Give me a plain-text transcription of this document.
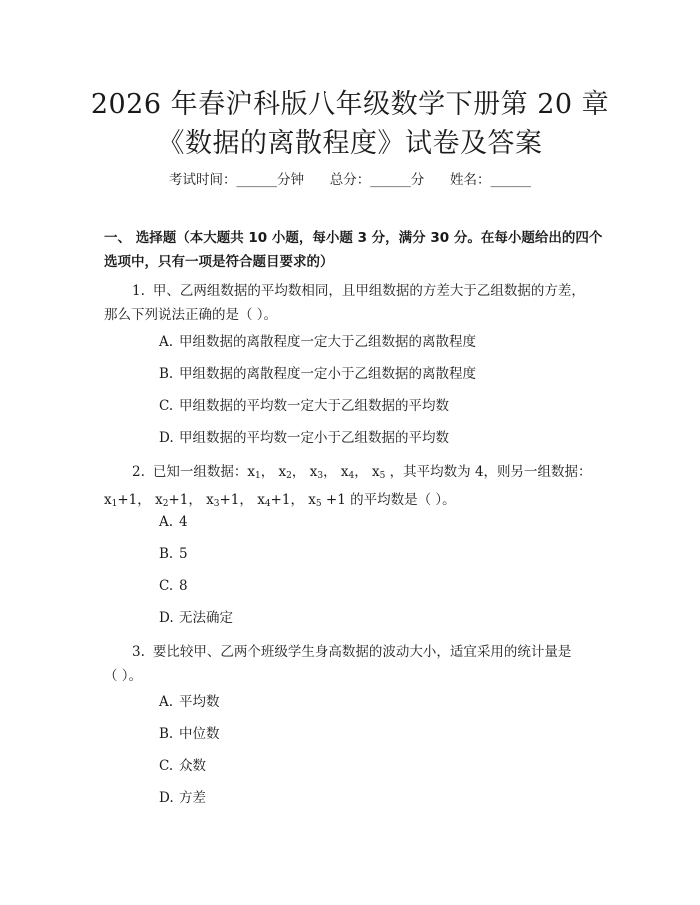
2026 年春沪科版八年级数学下册第 20 章
《数据的离散程度》试卷及答案
考试时间：______分钟      总分：______分      姓名：______
一、 选择题（本大题共 10 小题，每小题 3 分，满分 30 分。在每小题给出的四个
选项中，只有一项是符合题目要求的）
1. 甲、乙两组数据的平均数相同，且甲组数据的方差大于乙组数据的方差，
那么下列说法正确的是（ ）。
A. 甲组数据的离散程度一定大于乙组数据的离散程度
B. 甲组数据的离散程度一定小于乙组数据的离散程度
C. 甲组数据的平均数一定大于乙组数据的平均数
D. 甲组数据的平均数一定小于乙组数据的平均数
2. 已知一组数据：$x_1$， $x_2$， $x_3$， $x_4$， $x_5$ ，其平均数为 4，则另一组数据：
$x_1+1$， $x_2+1$， $x_3+1$， $x_4+1$， $x_5 +1$ 的平均数是（ ）。
A. 4
B. 5
C. 8
D. 无法确定
3. 要比较甲、乙两个班级学生身高数据的波动大小，适宜采用的统计量是
（ ）。
A. 平均数
B. 中位数
C. 众数
D. 方差
